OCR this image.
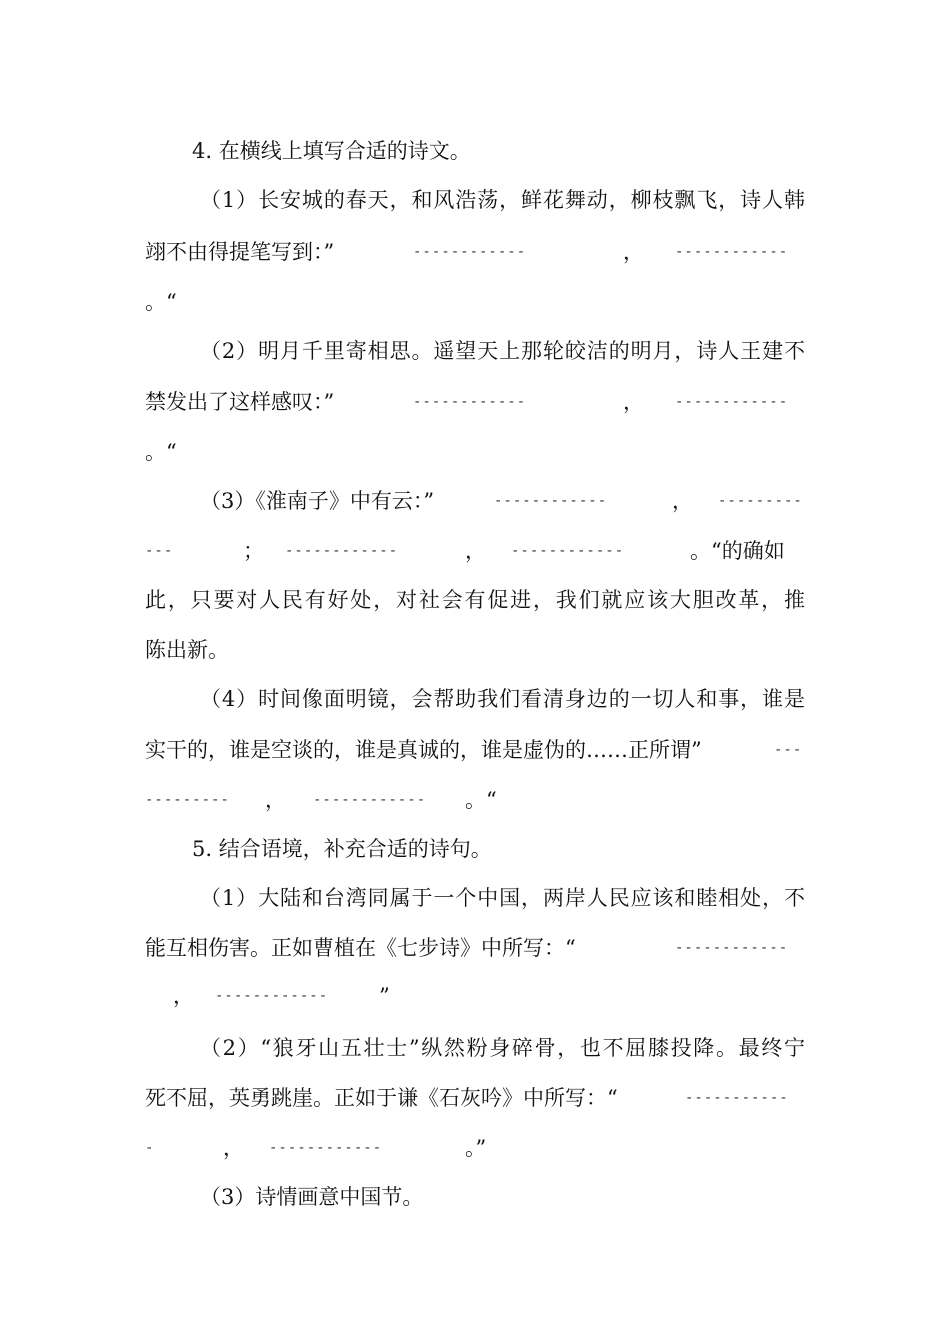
4. 在横线上填写合适的诗文。
（1）长安城的春天，和风浩荡，鲜花舞动，柳枝飘飞，诗人韩

翊不由得提笔写到：”

	------------

	，

------------

。“
（2）明月千里寄相思。遥望天上那轮皎洁的明月，诗人王建不

禁发出了这样感叹：”

	------------

	，

------------

。“

（3）《淮南子》中有云：”

	------------

	，

---------

---

	；

------------

	，

------------

	。“的确如

此，只要对人民有好处，对社会有促进，我们就应该大胆改革，推
陈出新。
（4）时间像面明镜，会帮助我们看清身边的一切人和事，谁是

实干的，谁是空谈的，谁是真诚的，谁是虚伪的……正所谓”

	---

---------

，

------------

。“

5. 结合语境，补充合适的诗句。
（1）大陆和台湾同属于一个中国，两岸人民应该和睦相处，不

能互相伤害。正如曹植在《七步诗》中所写：“

	------------

，

------------

”

（2）“狼牙山五壮士”纵然粉身碎骨，也不屈膝投降。最终宁

死不屈，英勇跳崖。正如于谦《石灰吟》中所写：“

	-----------

-

	，

------------

	。”

（3）诗情画意中国节。
